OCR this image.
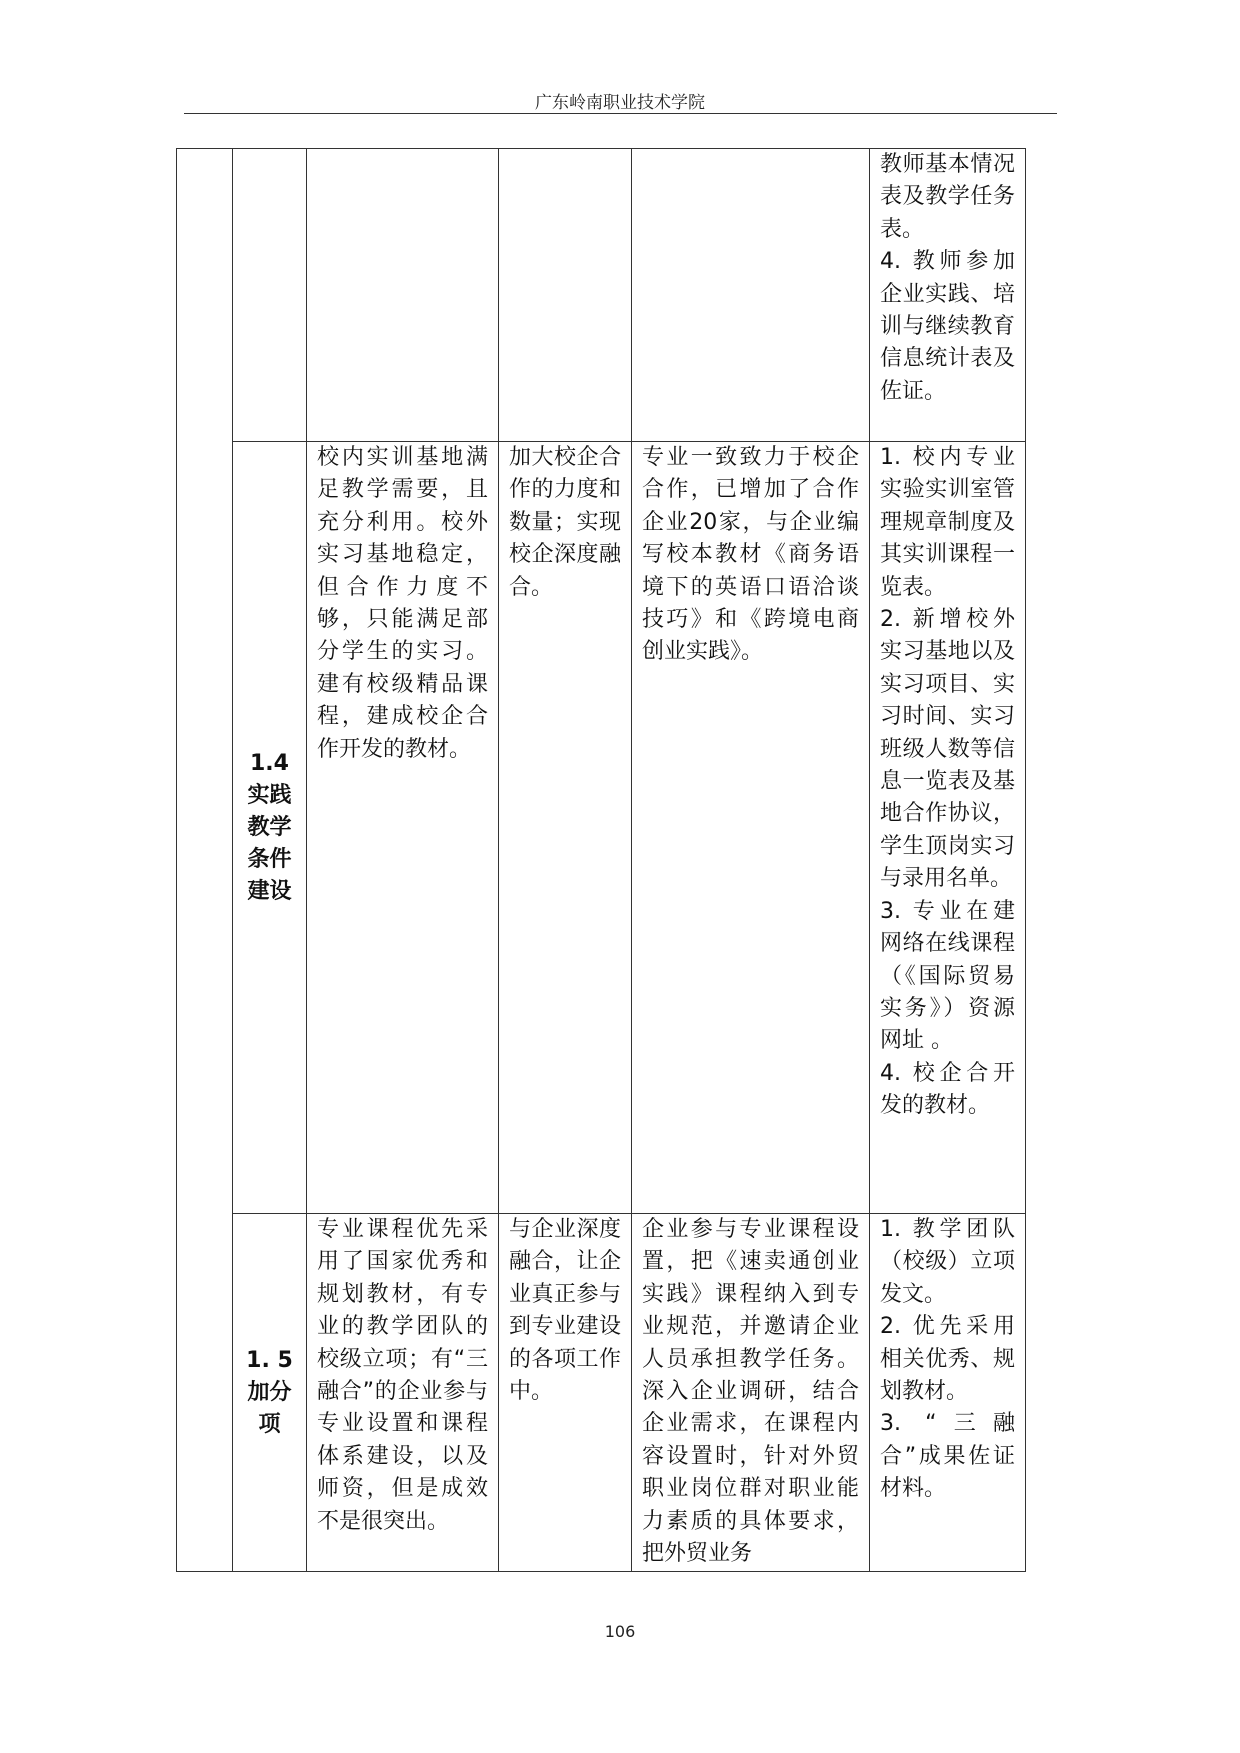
广东岭南职业技术学院

					教师基本情况表及教学任务表。
4. 教师参加企业实践、培训与继续教育信息统计表及佐证。

	1.4
实践
教学
条件
建设	校内实训基地满足教学需要，且充分利用。校外实习基地稳定，但合作力度不够，只能满足部分学生的实习。建有校级精品课程，建成校企合作开发的教材。	加大校企合作的力度和数量；实现校企深度融合。	专业一致致力于校企合作，已增加了合作企业20家，与企业编写校本教材《商务语境下的英语口语洽谈技巧》和《跨境电商创业实践》。	1. 校内专业实验实训室管理规章制度及其实训课程一览表。
2. 新增校外实习基地以及实习项目、实习时间、实习班级人数等信息一览表及基地合作协议，学生顶岗实习与录用名单。
3. 专业在建网络在线课程（《国际贸易实务》）资源网址 。
4. 校企合开发的教材。

	1. 5
加分
项	专业课程优先采用了国家优秀和规划教材，有专业的教学团队的校级立项；有“三融合”的企业参与专业设置和课程体系建设，以及师资，但是成效不是很突出。	与企业深度融合，让企业真正参与到专业建设的各项工作中。	企业参与专业课程设置，把《速卖通创业实践》课程纳入到专业规范，并邀请企业人员承担教学任务。深入企业调研，结合企业需求，在课程内容设置时，针对外贸职业岗位群对职业能力素质的具体要求，把外贸业务	1. 教学团队（校级）立项发文。
2. 优先采用相关优秀、规划教材。
3. “三融合”成果佐证材料。
106
